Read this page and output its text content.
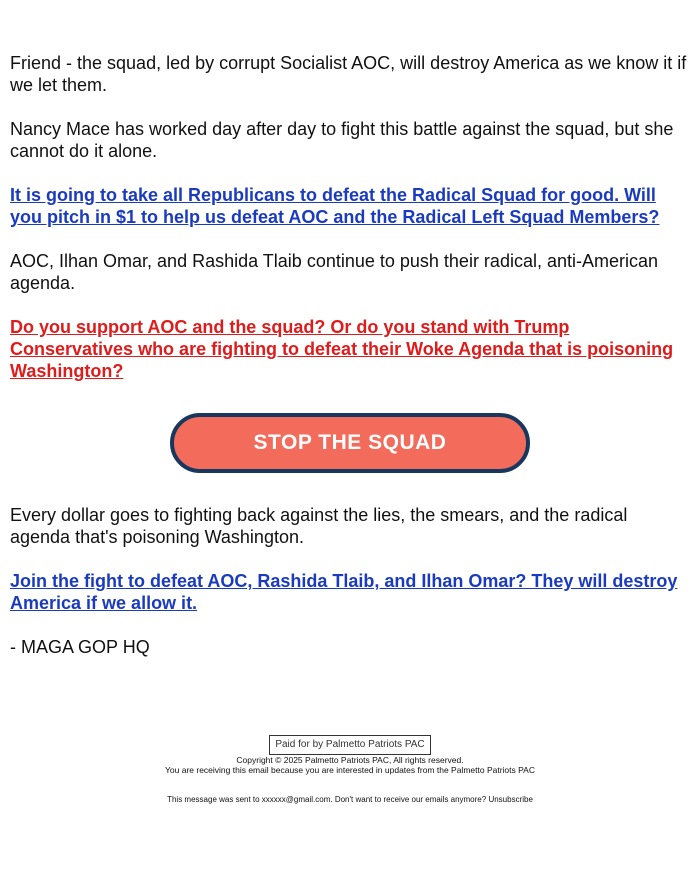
Friend - the squad, led by corrupt Socialist AOC, will destroy America as we know it if we let them.

Nancy Mace has worked day after day to fight this battle against the squad, but she cannot do it alone.

It is going to take all Republicans to defeat the Radical Squad for good. Will you pitch in $1 to help us defeat AOC and the Radical Left Squad Members?

AOC, Ilhan Omar, and Rashida Tlaib continue to push their radical, anti-American agenda.

Do you support AOC and the squad? Or do you stand with Trump Conservatives who are fighting to defeat their Woke Agenda that is poisoning Washington?
STOP THE SQUAD

Every dollar goes to fighting back against the lies, the smears, and the radical agenda that's poisoning Washington.

Join the fight to defeat AOC, Rashida Tlaib, and Ilhan Omar? They will destroy America if we allow it.

- MAGA GOP HQ

Paid for by Palmetto Patriots PAC
Copyright © 2025 Palmetto Patriots PAC, All rights reserved.
You are receiving this email because you are interested in updates from the Palmetto Patriots PAC
This message was sent to xxxxxx@gmail.com. Don't want to receive our emails anymore? Unsubscribe
